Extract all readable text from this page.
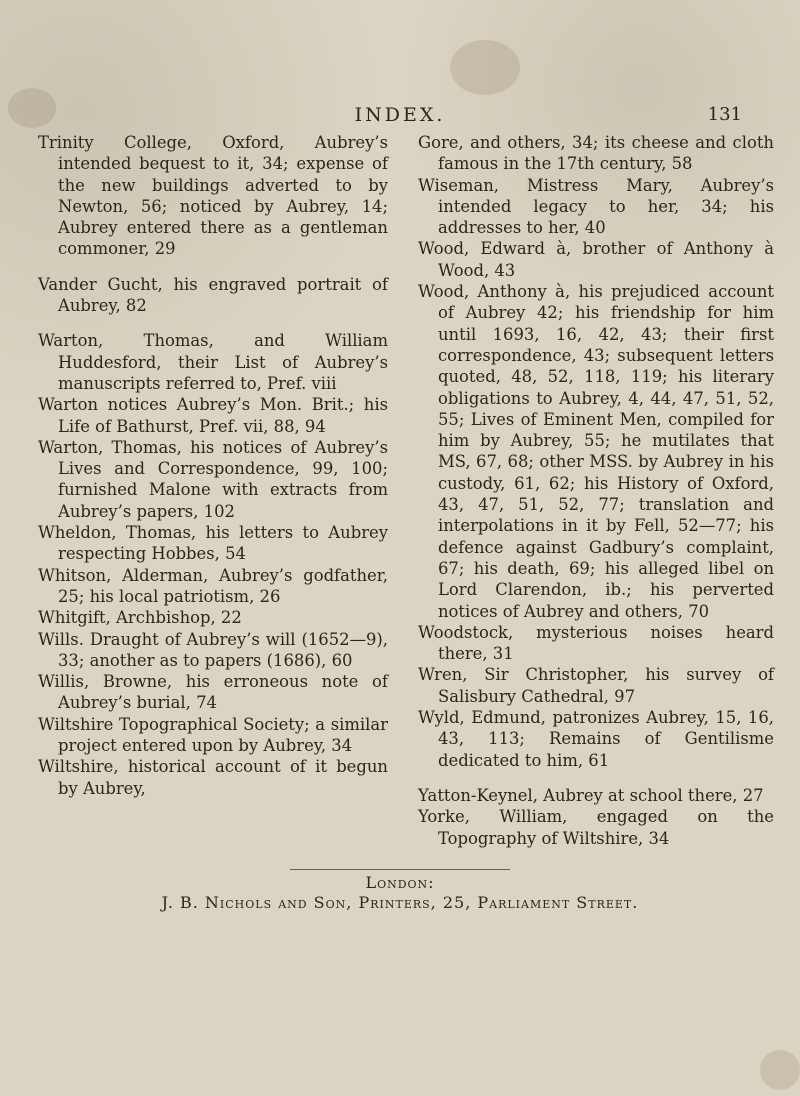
INDEX.	131

Trinity College, Oxford, Aubrey’s intended bequest to it, 34; expense of the new buildings adverted to by Newton, 56; noticed by Aubrey, 14; Aubrey entered there as a gentleman commoner, 29

Vander Gucht, his engraved portrait of Aubrey, 82

Warton, Thomas, and William Huddesford, their List of Aubrey’s manuscripts referred to, Pref. viii

Warton notices Aubrey’s Mon. Brit.; his Life of Bathurst, Pref. vii, 88, 94

Warton, Thomas, his notices of Aubrey’s Lives and Correspondence, 99, 100; furnished Malone with extracts from Aubrey’s papers, 102

Wheldon, Thomas, his letters to Aubrey respecting Hobbes, 54

Whitson, Alderman, Aubrey’s godfather, 25; his local patriotism, 26

Whitgift, Archbishop, 22

Wills. Draught of Aubrey’s will (1652—9), 33; another as to papers (1686), 60

Willis, Browne, his erroneous note of Aubrey’s burial, 74

Wiltshire Topographical Society; a similar project entered upon by Aubrey, 34

Wiltshire, historical account of it begun by Aubrey,

Gore, and others, 34; its cheese and cloth famous in the 17th century, 58

Wiseman, Mistress Mary, Aubrey’s intended legacy to her, 34; his addresses to her, 40

Wood, Edward à, brother of Anthony à Wood, 43

Wood, Anthony à, his prejudiced account of Aubrey 42; his friendship for him until 1693, 16, 42, 43; their first correspondence, 43; subsequent letters quoted, 48, 52, 118, 119; his literary obligations to Aubrey, 4, 44, 47, 51, 52, 55; Lives of Eminent Men, compiled for him by Aubrey, 55; he mutilates that MS, 67, 68; other MSS. by Aubrey in his custody, 61, 62; his History of Oxford, 43, 47, 51, 52, 77; translation and interpolations in it by Fell, 52—77; his defence against Gadbury’s complaint, 67; his death, 69; his alleged libel on Lord Clarendon, ib.; his perverted notices of Aubrey and others, 70

Woodstock, mysterious noises heard there, 31

Wren, Sir Christopher, his survey of Salisbury Cathedral, 97

Wyld, Edmund, patronizes Aubrey, 15, 16, 43, 113; Remains of Gentilisme dedicated to him, 61

Yatton-Keynel, Aubrey at school there, 27

Yorke, William, engaged on the Topography of Wiltshire, 34

London:
J. B. Nichols and Son, Printers, 25, Parliament Street.
